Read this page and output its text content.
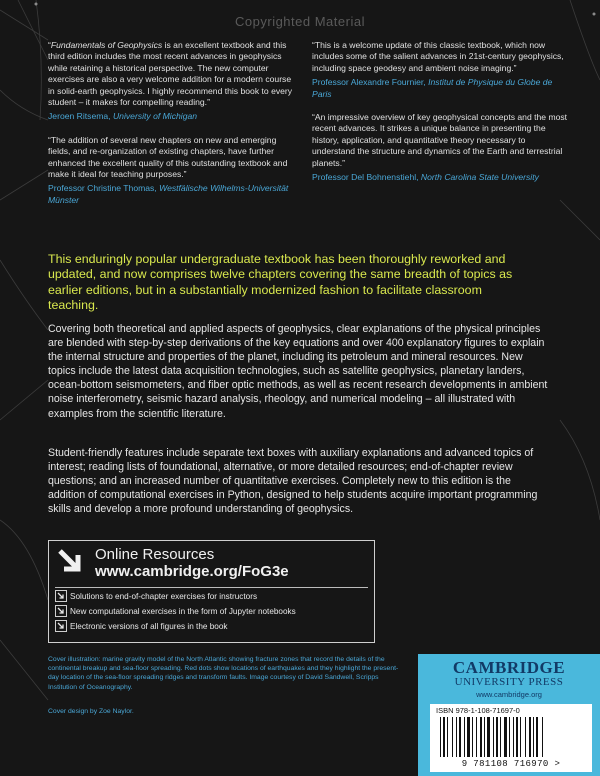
Copyrighted Material

“Fundamentals of Geophysics is an excellent textbook and this third edition includes the most recent advances in geophysics while retaining a historical perspective. The new computer exercises are also a very welcome addition for a modern course in solid-earth geophysics. I highly recommend this book to every student – it makes for compelling reading.”

Jeroen Ritsema, University of Michigan

“The addition of several new chapters on new and emerging fields, and re-organization of existing chapters, have further enhanced the excellent quality of this outstanding textbook and make it ideal for teaching purposes.”

Professor Christine Thomas, Westfälische Wilhelms-Universität Münster

“This is a welcome update of this classic textbook, which now includes some of the salient advances in 21st-century geophysics, including space geodesy and ambient noise imaging.”

Professor Alexandre Fournier, Institut de Physique du Globe de Paris

“An impressive overview of key geophysical concepts and the most recent advances. It strikes a unique balance in presenting the history, application, and quantitative theory necessary to understand the structure and dynamics of the Earth and terrestrial planets.”

Professor Del Bohnenstiehl, North Carolina State University

This enduringly popular undergraduate textbook has been thoroughly reworked and updated, and now comprises twelve chapters covering the same breadth of topics as earlier editions, but in a substantially modernized fashion to facilitate classroom teaching.
Covering both theoretical and applied aspects of geophysics, clear explanations of the physical principles are blended with step-by-step derivations of the key equations and over 400 explanatory figures to explain the internal structure and properties of the planet, including its petroleum and mineral resources. New topics include the latest data acquisition technologies, such as satellite geophysics, planetary landers, ocean-bottom seismometers, and fiber optic methods, as well as recent research developments in ambient noise interferometry, seismic hazard analysis, rheology, and numerical modeling – all illustrated with examples from the scientific literature.
Student-friendly features include separate text boxes with auxiliary explanations and advanced topics of interest; reading lists of foundational, alternative, or more detailed resources; end-of-chapter review questions; and an increased number of quantitative exercises. Completely new to this edition is the addition of computational exercises in Python, designed to help students acquire important programming skills and develop a more profound understanding of geophysics.
Online Resources
www.cambridge.org/FoG3e
Solutions to end-of-chapter exercises for instructors
New computational exercises in the form of Jupyter notebooks
Electronic versions of all figures in the book
Cover illustration: marine gravity model of the North Atlantic showing fracture zones that record the details of the continental breakup and sea-floor spreading. Red dots show locations of earthquakes and they highlight the present-day location of the sea-floor spreading ridges and transform faults. Image courtesy of David Sandwell, Scripps Institution of Oceanography.
Cover design by Zoe Naylor.
CAMBRIDGE
UNIVERSITY PRESS
www.cambridge.org
ISBN 978-1-108-71697-0
9 781108 716970 >
